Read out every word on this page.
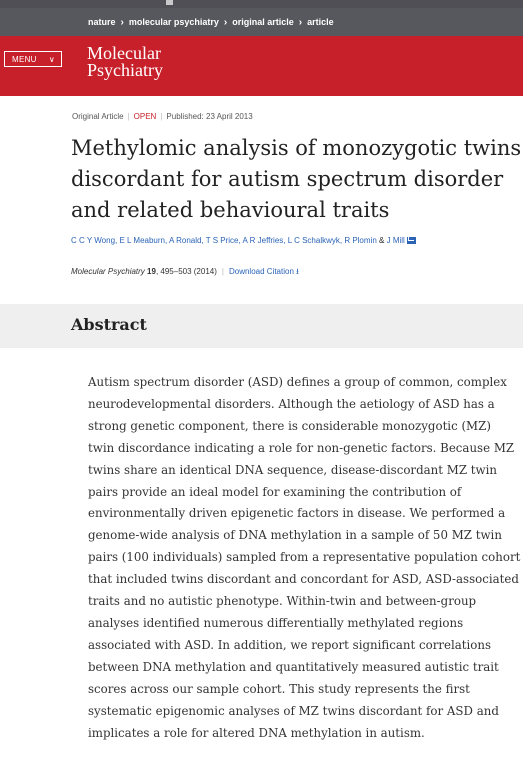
nature › molecular psychiatry › original article › article
MENU ∨ Molecular
Psychiatry
Original Article | OPEN | Published: 23 April 2013
Methylomic analysis of monozygotic twins
discordant for autism spectrum disorder
and related behavioural traits
C C Y Wong, E L Meaburn, A Ronald, T S Price, A R Jeffries, L C Schalkwyk, R Plomin & J Mill
Molecular Psychiatry 19, 495–503 (2014) | Download Citation ⭳
Abstract

Autism spectrum disorder (ASD) defines a group of common, complex
neurodevelopmental disorders. Although the aetiology of ASD has a
strong genetic component, there is considerable monozygotic (MZ)
twin discordance indicating a role for non-genetic factors. Because MZ
twins share an identical DNA sequence, disease-discordant MZ twin
pairs provide an ideal model for examining the contribution of
environmentally driven epigenetic factors in disease. We performed a
genome-wide analysis of DNA methylation in a sample of 50 MZ twin
pairs (100 individuals) sampled from a representative population cohort
that included twins discordant and concordant for ASD, ASD-associated
traits and no autistic phenotype. Within-twin and between-group
analyses identified numerous differentially methylated regions
associated with ASD. In addition, we report significant correlations
between DNA methylation and quantitatively measured autistic trait
scores across our sample cohort. This study represents the first
systematic epigenomic analyses of MZ twins discordant for ASD and
implicates a role for altered DNA methylation in autism.
